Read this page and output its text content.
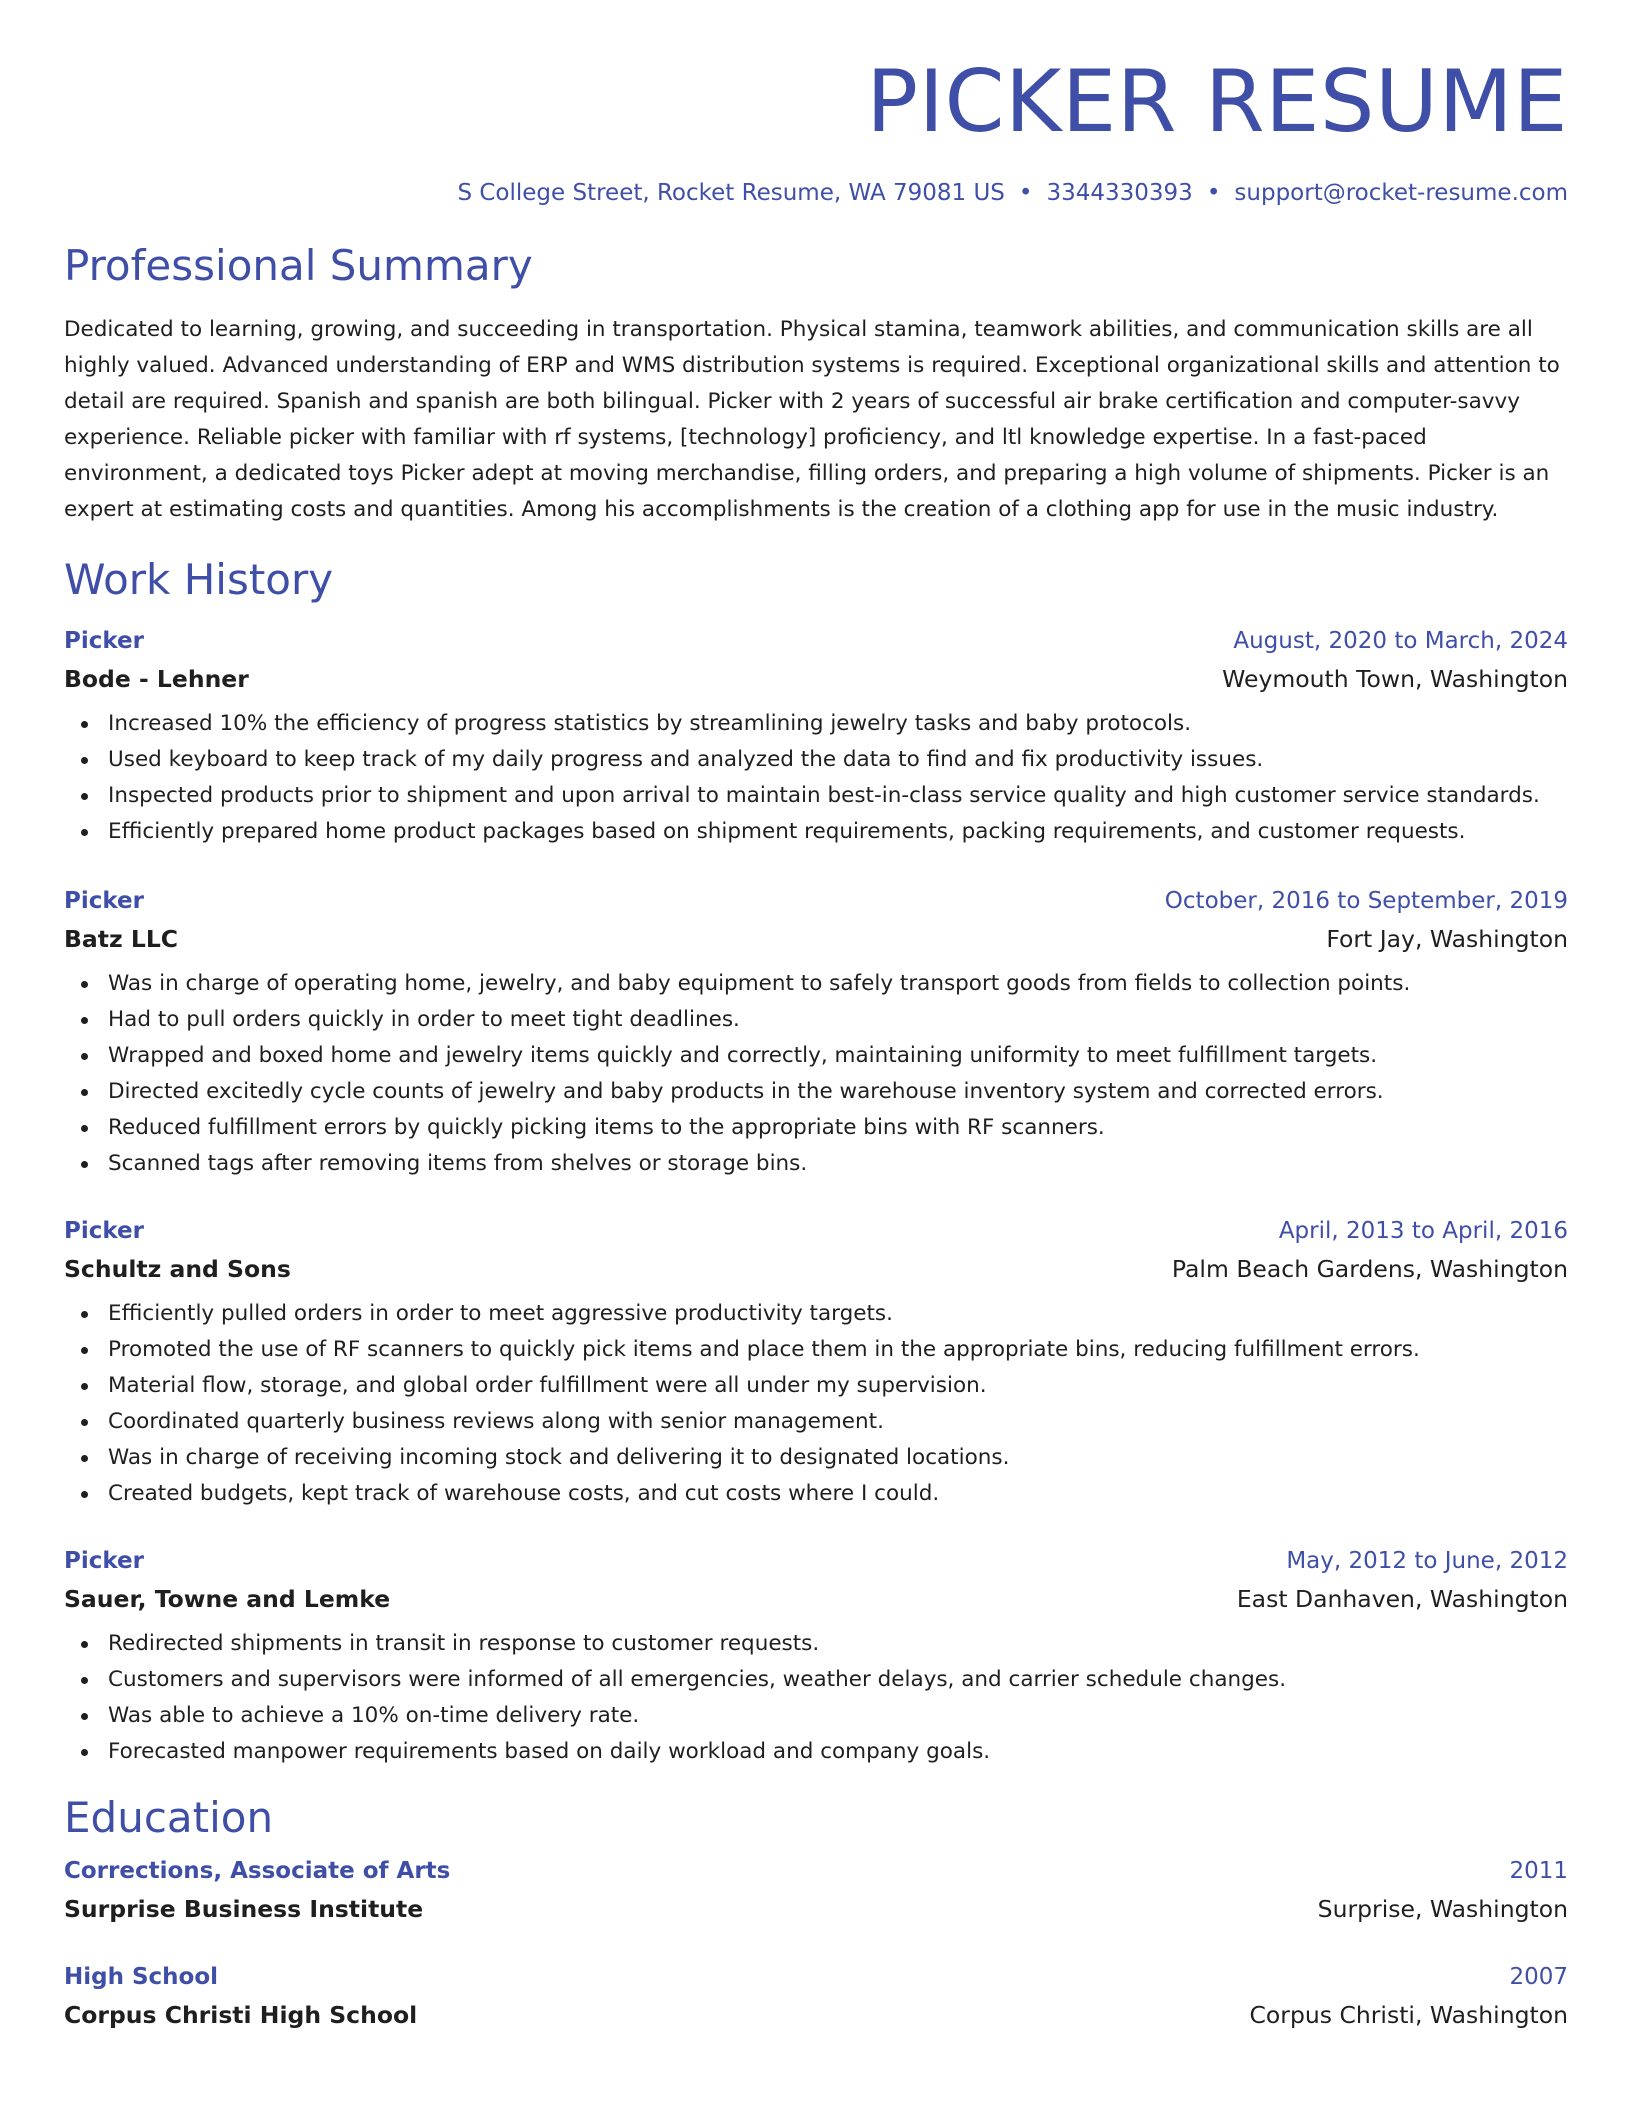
PICKER RESUME
S College Street, Rocket Resume, WA 79081 US • 3344330393 • support@rocket-resume.com
Professional Summary

Dedicated to learning, growing, and succeeding in transportation. Physical stamina, teamwork abilities, and communication skills are all highly valued. Advanced understanding of ERP and WMS distribution systems is required. Exceptional organizational skills and attention to detail are required. Spanish and spanish are both bilingual. Picker with 2 years of successful air brake certification and computer-savvy experience. Reliable picker with familiar with rf systems, [technology] proficiency, and ltl knowledge expertise. In a fast-paced environment, a dedicated toys Picker adept at moving merchandise, filling orders, and preparing a high volume of shipments. Picker is an expert at estimating costs and quantities. Among his accomplishments is the creation of a clothing app for use in the music industry.

Work History
Picker	August, 2020 to March, 2024
Bode - Lehner	Weymouth Town, Washington
Increased 10% the efficiency of progress statistics by streamlining jewelry tasks and baby protocols.
Used keyboard to keep track of my daily progress and analyzed the data to find and fix productivity issues.
Inspected products prior to shipment and upon arrival to maintain best-in-class service quality and high customer service standards.
Efficiently prepared home product packages based on shipment requirements, packing requirements, and customer requests.
Picker	October, 2016 to September, 2019
Batz LLC	Fort Jay, Washington
Was in charge of operating home, jewelry, and baby equipment to safely transport goods from fields to collection points.
Had to pull orders quickly in order to meet tight deadlines.
Wrapped and boxed home and jewelry items quickly and correctly, maintaining uniformity to meet fulfillment targets.
Directed excitedly cycle counts of jewelry and baby products in the warehouse inventory system and corrected errors.
Reduced fulfillment errors by quickly picking items to the appropriate bins with RF scanners.
Scanned tags after removing items from shelves or storage bins.
Picker	April, 2013 to April, 2016
Schultz and Sons	Palm Beach Gardens, Washington
Efficiently pulled orders in order to meet aggressive productivity targets.
Promoted the use of RF scanners to quickly pick items and place them in the appropriate bins, reducing fulfillment errors.
Material flow, storage, and global order fulfillment were all under my supervision.
Coordinated quarterly business reviews along with senior management.
Was in charge of receiving incoming stock and delivering it to designated locations.
Created budgets, kept track of warehouse costs, and cut costs where I could.
Picker	May, 2012 to June, 2012
Sauer, Towne and Lemke	East Danhaven, Washington
Redirected shipments in transit in response to customer requests.
Customers and supervisors were informed of all emergencies, weather delays, and carrier schedule changes.
Was able to achieve a 10% on-time delivery rate.
Forecasted manpower requirements based on daily workload and company goals.
Education
Corrections, Associate of Arts	2011
Surprise Business Institute	Surprise, Washington
High School	2007
Corpus Christi High School	Corpus Christi, Washington
